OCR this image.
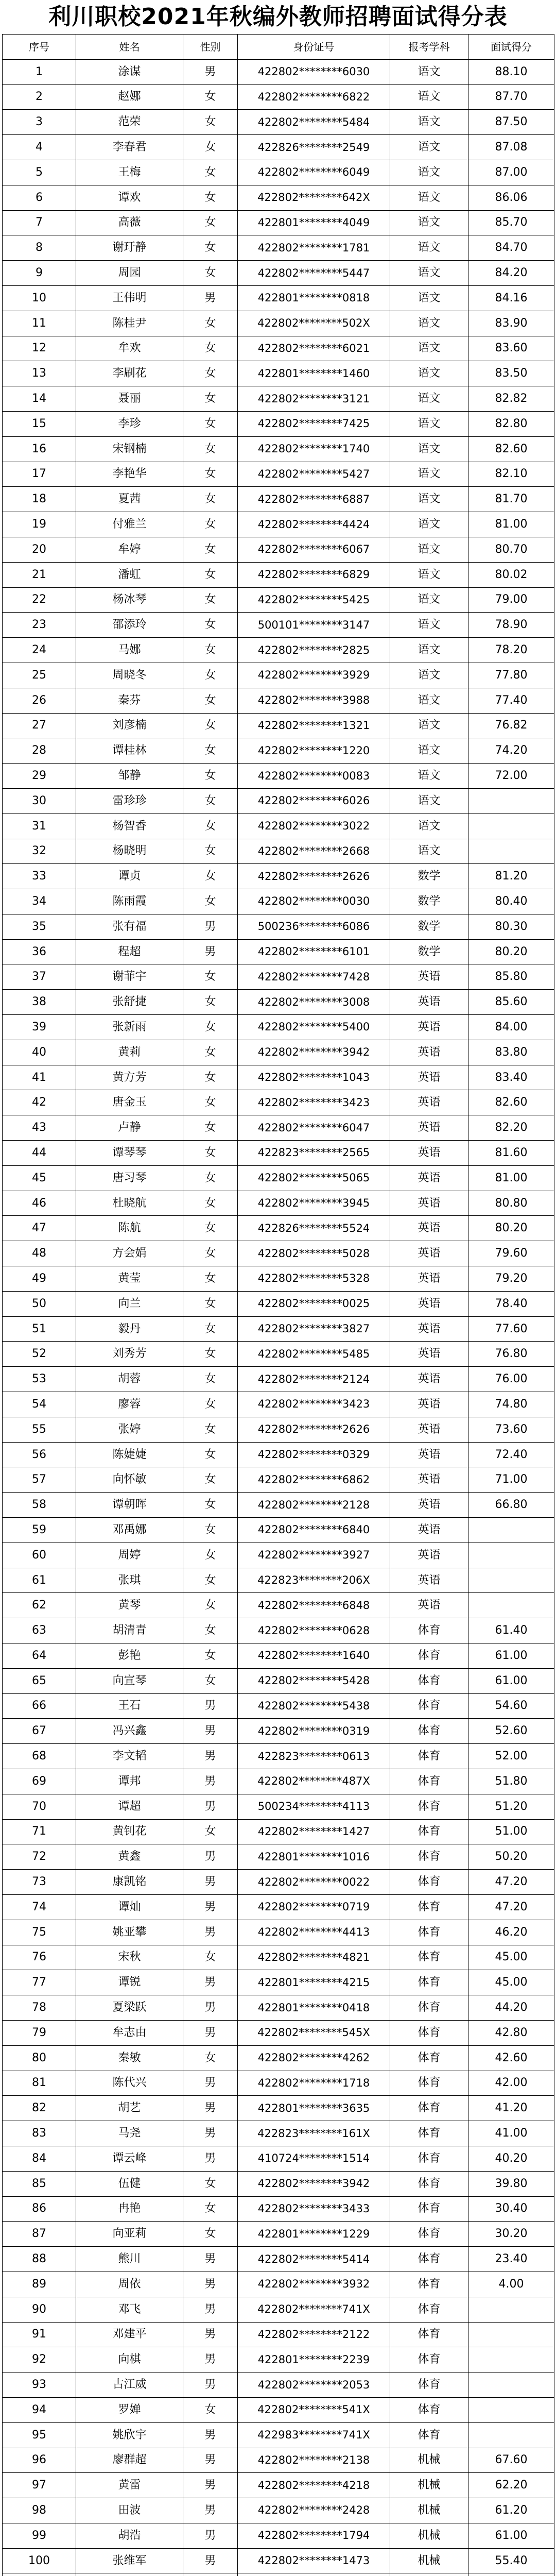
利川职校2021年秋编外教师招聘面试得分表
序号	姓名	性别	身份证号	报考学科	面试得分
1	涂谋	男	422802********6030	语文	88.10
2	赵娜	女	422802********6822	语文	87.70
3	范荣	女	422802********5484	语文	87.50
4	李春君	女	422826********2549	语文	87.08
5	王梅	女	422802********6049	语文	87.00
6	谭欢	女	422802********642X	语文	86.06
7	高薇	女	422801********4049	语文	85.70
8	谢玗静	女	422802********1781	语文	84.70
9	周园	女	422802********5447	语文	84.20
10	王伟明	男	422801********0818	语文	84.16
11	陈桂尹	女	422802********502X	语文	83.90
12	牟欢	女	422802********6021	语文	83.60
13	李刷花	女	422801********1460	语文	83.50
14	聂丽	女	422802********3121	语文	82.82
15	李珍	女	422802********7425	语文	82.80
16	宋钢楠	女	422802********1740	语文	82.60
17	李艳华	女	422802********5427	语文	82.10
18	夏茜	女	422802********6887	语文	81.70
19	付雅兰	女	422802********4424	语文	81.00
20	牟婷	女	422802********6067	语文	80.70
21	潘虹	女	422802********6829	语文	80.02
22	杨冰琴	女	422802********5425	语文	79.00
23	邵添玲	女	500101********3147	语文	78.90
24	马娜	女	422802********2825	语文	78.20
25	周晓冬	女	422802********3929	语文	77.80
26	秦芬	女	422802********3988	语文	77.40
27	刘彦楠	女	422802********1321	语文	76.82
28	谭桂林	女	422802********1220	语文	74.20
29	邹静	女	422802********0083	语文	72.00
30	雷珍珍	女	422802********6026	语文	
31	杨智香	女	422802********3022	语文	
32	杨晓明	女	422802********2668	语文	
33	谭贞	女	422802********2626	数学	81.20
34	陈雨霞	女	422802********0030	数学	80.40
35	张有福	男	500236********6086	数学	80.30
36	程超	男	422802********6101	数学	80.20
37	谢菲宇	女	422802********7428	英语	85.80
38	张舒捷	女	422802********3008	英语	85.60
39	张新雨	女	422802********5400	英语	84.00
40	黄莉	女	422802********3942	英语	83.80
41	黄方芳	女	422802********1043	英语	83.40
42	唐金玉	女	422802********3423	英语	82.60
43	卢静	女	422802********6047	英语	82.20
44	谭琴琴	女	422823********2565	英语	81.60
45	唐习琴	女	422802********5065	英语	81.00
46	杜晓航	女	422802********3945	英语	80.80
47	陈航	女	422826********5524	英语	80.20
48	方会娟	女	422802********5028	英语	79.60
49	黄莹	女	422802********5328	英语	79.20
50	向兰	女	422802********0025	英语	78.40
51	毅丹	女	422802********3827	英语	77.60
52	刘秀芳	女	422802********5485	英语	76.80
53	胡蓉	女	422802********2124	英语	76.00
54	廖蓉	女	422802********3423	英语	74.80
55	张婷	女	422802********2626	英语	73.60
56	陈婕婕	女	422802********0329	英语	72.40
57	向怀敏	女	422802********6862	英语	71.00
58	谭朝晖	女	422802********2128	英语	66.80
59	邓禹娜	女	422802********6840	英语	
60	周婷	女	422802********3927	英语	
61	张琪	女	422823********206X	英语	
62	黄琴	女	422802********6848	英语	
63	胡清青	女	422802********0628	体育	61.40
64	彭艳	女	422802********1640	体育	61.00
65	向宣琴	女	422802********5428	体育	61.00
66	王石	男	422802********5438	体育	54.60
67	冯兴鑫	男	422802********0319	体育	52.60
68	李文韬	男	422823********0613	体育	52.00
69	谭邦	男	422802********487X	体育	51.80
70	谭超	男	500234********4113	体育	51.20
71	黄钊花	女	422802********1427	体育	51.00
72	黄鑫	男	422801********1016	体育	50.20
73	康凯铭	男	422802********0022	体育	47.20
74	谭灿	男	422802********0719	体育	47.20
75	姚亚攀	男	422802********4413	体育	46.20
76	宋秋	女	422802********4821	体育	45.00
77	谭锐	男	422801********4215	体育	45.00
78	夏梁跃	男	422801********0418	体育	44.20
79	牟志由	男	422802********545X	体育	42.80
80	秦敏	女	422802********4262	体育	42.60
81	陈代兴	男	422802********1718	体育	42.00
82	胡艺	男	422801********3635	体育	41.20
83	马尧	男	422823********161X	体育	41.00
84	谭云峰	男	410724********1514	体育	40.20
85	伍健	女	422802********3942	体育	39.80
86	冉艳	女	422802********3433	体育	30.40
87	向亚莉	女	422801********1229	体育	30.20
88	熊川	男	422802********5414	体育	23.40
89	周依	男	422802********3932	体育	4.00
90	邓飞	男	422802********741X	体育	
91	邓建平	男	422802********2122	体育	
92	向棋	男	422801********2239	体育	
93	古江威	男	422802********2053	体育	
94	罗婵	女	422802********541X	体育	
95	姚欣宇	男	422983********741X	体育	
96	廖群超	男	422802********2138	机械	67.60
97	黄雷	男	422802********4218	机械	62.20
98	田波	男	422802********2428	机械	61.20
99	胡浩	男	422802********1794	机械	61.00
100	张维军	男	422802********1473	机械	55.40
